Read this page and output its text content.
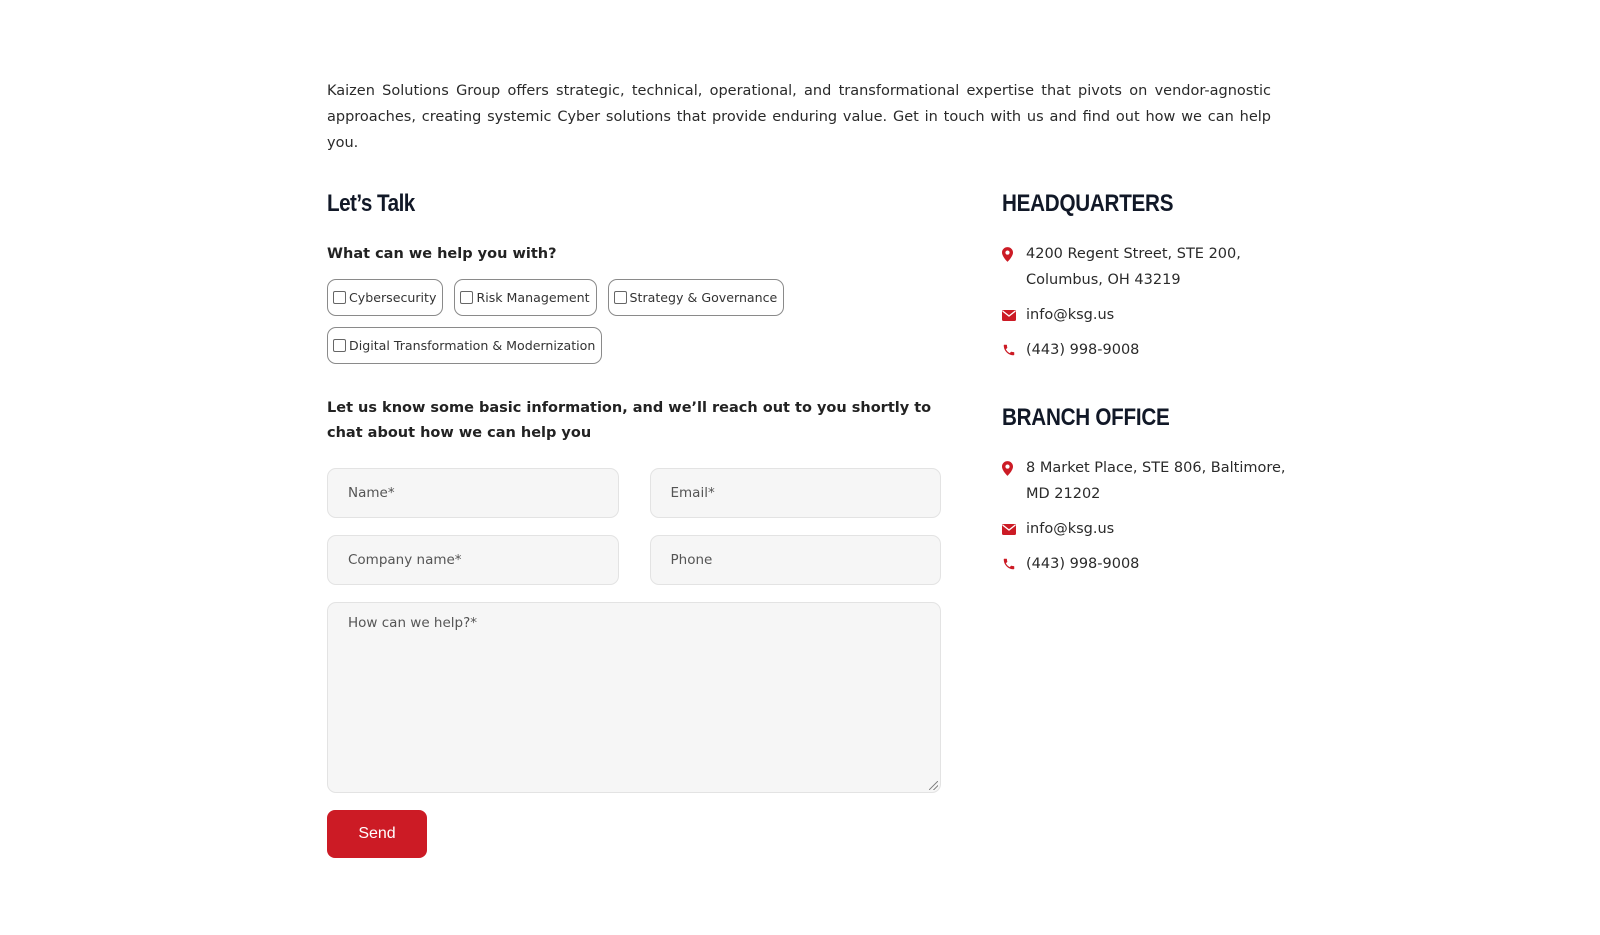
Kaizen Solutions Group offers strategic, technical, operational, and transformational expertise that pivots on vendor-agnostic approaches, creating systemic Cyber solutions that provide enduring value. Get in touch with us and find out how we can help you.

Let’s Talk
What can we help you with?
Cybersecurity	Risk Management	Strategy & Governance
Digital Transformation & Modernization
Let us know some basic information, and we’ll reach out to you shortly to chat about how we can help you
Name*	Email*
Company name*	Phone
How can we help?*
Send
HEADQUARTERS
4200 Regent Street, STE 200,
Columbus, OH 43219
info@ksg.us
(443) 998-9008
BRANCH OFFICE
8 Market Place, STE 806, Baltimore,
MD 21202
info@ksg.us
(443) 998-9008
